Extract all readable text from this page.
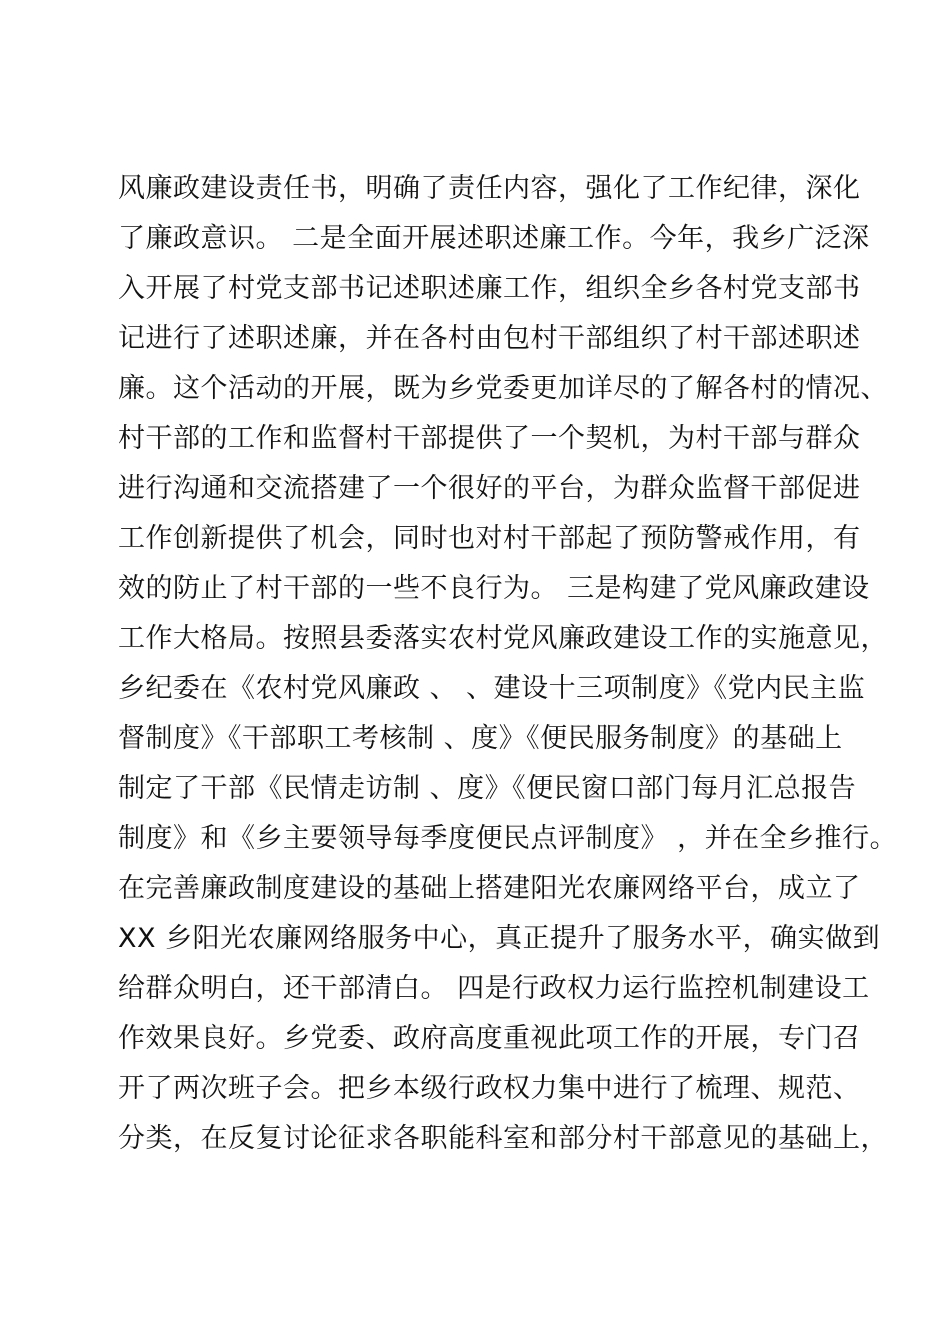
风廉政建设责任书，明确了责任内容，强化了工作纪律，深化
了廉政意识。 二是全面开展述职述廉工作。今年，我乡广泛深
入开展了村党支部书记述职述廉工作，组织全乡各村党支部书
记进行了述职述廉，并在各村由包村干部组织了村干部述职述
廉。这个活动的开展，既为乡党委更加详尽的了解各村的情况、
村干部的工作和监督村干部提供了一个契机，为村干部与群众
进行沟通和交流搭建了一个很好的平台，为群众监督干部促进
工作创新提供了机会，同时也对村干部起了预防警戒作用，有
效的防止了村干部的一些不良行为。 三是构建了党风廉政建设
工作大格局。按照县委落实农村党风廉政建设工作的实施意见，
乡纪委在《农村党风廉政 、 、建设十三项制度》《党内民主监
督制度》《干部职工考核制 、度》《便民服务制度》的基础上
制定了干部《民情走访制 、度》《便民窗口部门每月汇总报告
制度》和《乡主要领导每季度便民点评制度》 ，并在全乡推行。
在完善廉政制度建设的基础上搭建阳光农廉网络平台，成立了
XX 乡阳光农廉网络服务中心，真正提升了服务水平，确实做到
给群众明白，还干部清白。 四是行政权力运行监控机制建设工
作效果良好。乡党委、政府高度重视此项工作的开展，专门召
开了两次班子会。把乡本级行政权力集中进行了梳理、规范、
分类，在反复讨论征求各职能科室和部分村干部意见的基础上，
